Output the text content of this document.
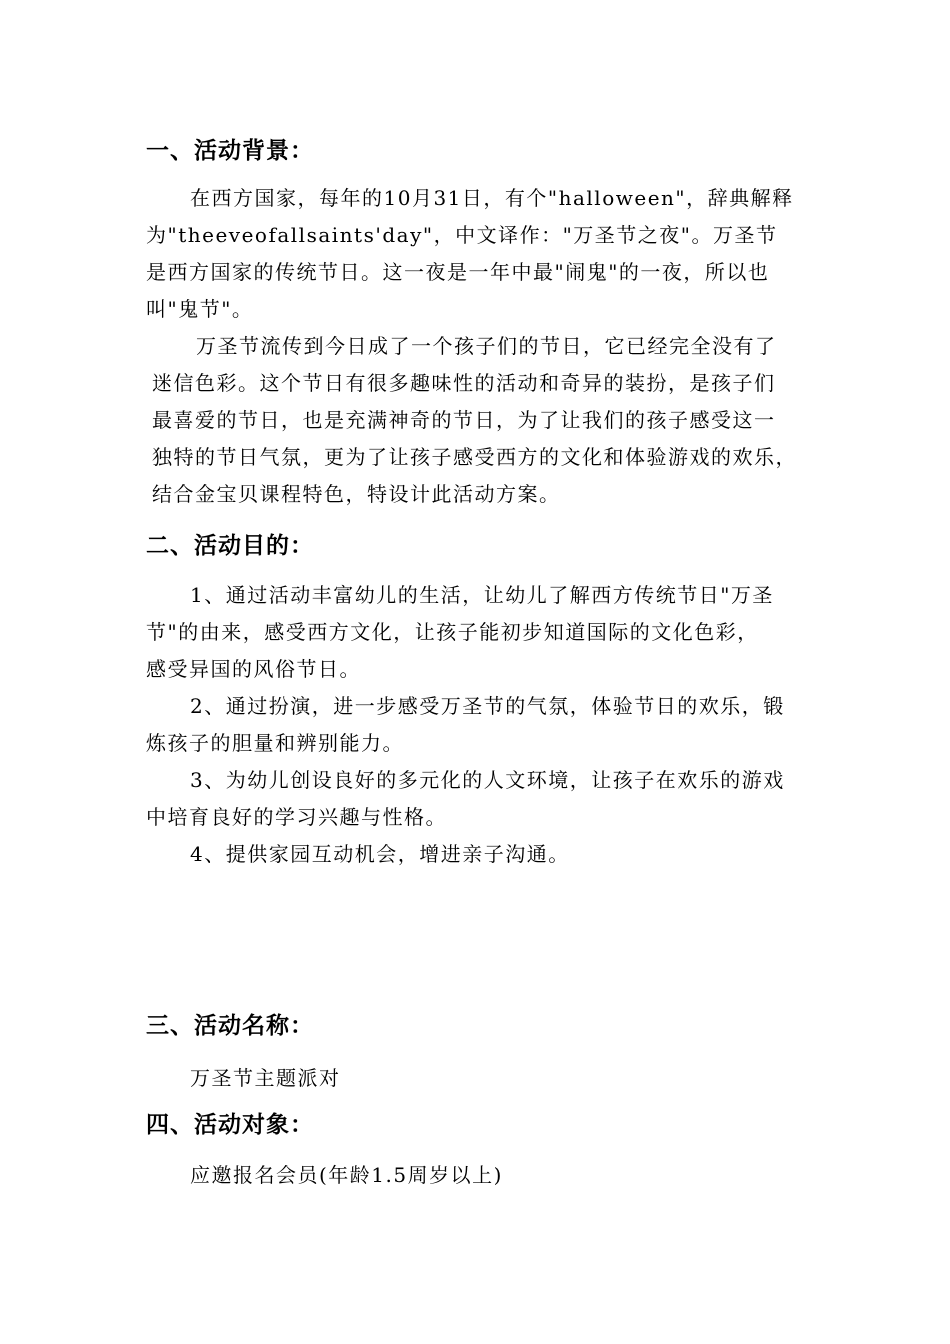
一、活动背景：
在西方国家，每年的10月31日，有个"halloween"，辞典解释
为"theeveofallsaints'day"，中文译作："万圣节之夜"。万圣节
是西方国家的传统节日。这一夜是一年中最"闹鬼"的一夜，所以也
叫"鬼节"。
万圣节流传到今日成了一个孩子们的节日，它已经完全没有了
迷信色彩。这个节日有很多趣味性的活动和奇异的装扮，是孩子们
最喜爱的节日，也是充满神奇的节日，为了让我们的孩子感受这一
独特的节日气氛，更为了让孩子感受西方的文化和体验游戏的欢乐，
结合金宝贝课程特色，特设计此活动方案。
二、活动目的：
1、通过活动丰富幼儿的生活，让幼儿了解西方传统节日"万圣
节"的由来，感受西方文化，让孩子能初步知道国际的文化色彩，
感受异国的风俗节日。
2、通过扮演，进一步感受万圣节的气氛，体验节日的欢乐，锻
炼孩子的胆量和辨别能力。
3、为幼儿创设良好的多元化的人文环境，让孩子在欢乐的游戏
中培育良好的学习兴趣与性格。
4、提供家园互动机会，增进亲子沟通。
三、活动名称：
万圣节主题派对
四、活动对象：
应邀报名会员(年龄1.5周岁以上)
